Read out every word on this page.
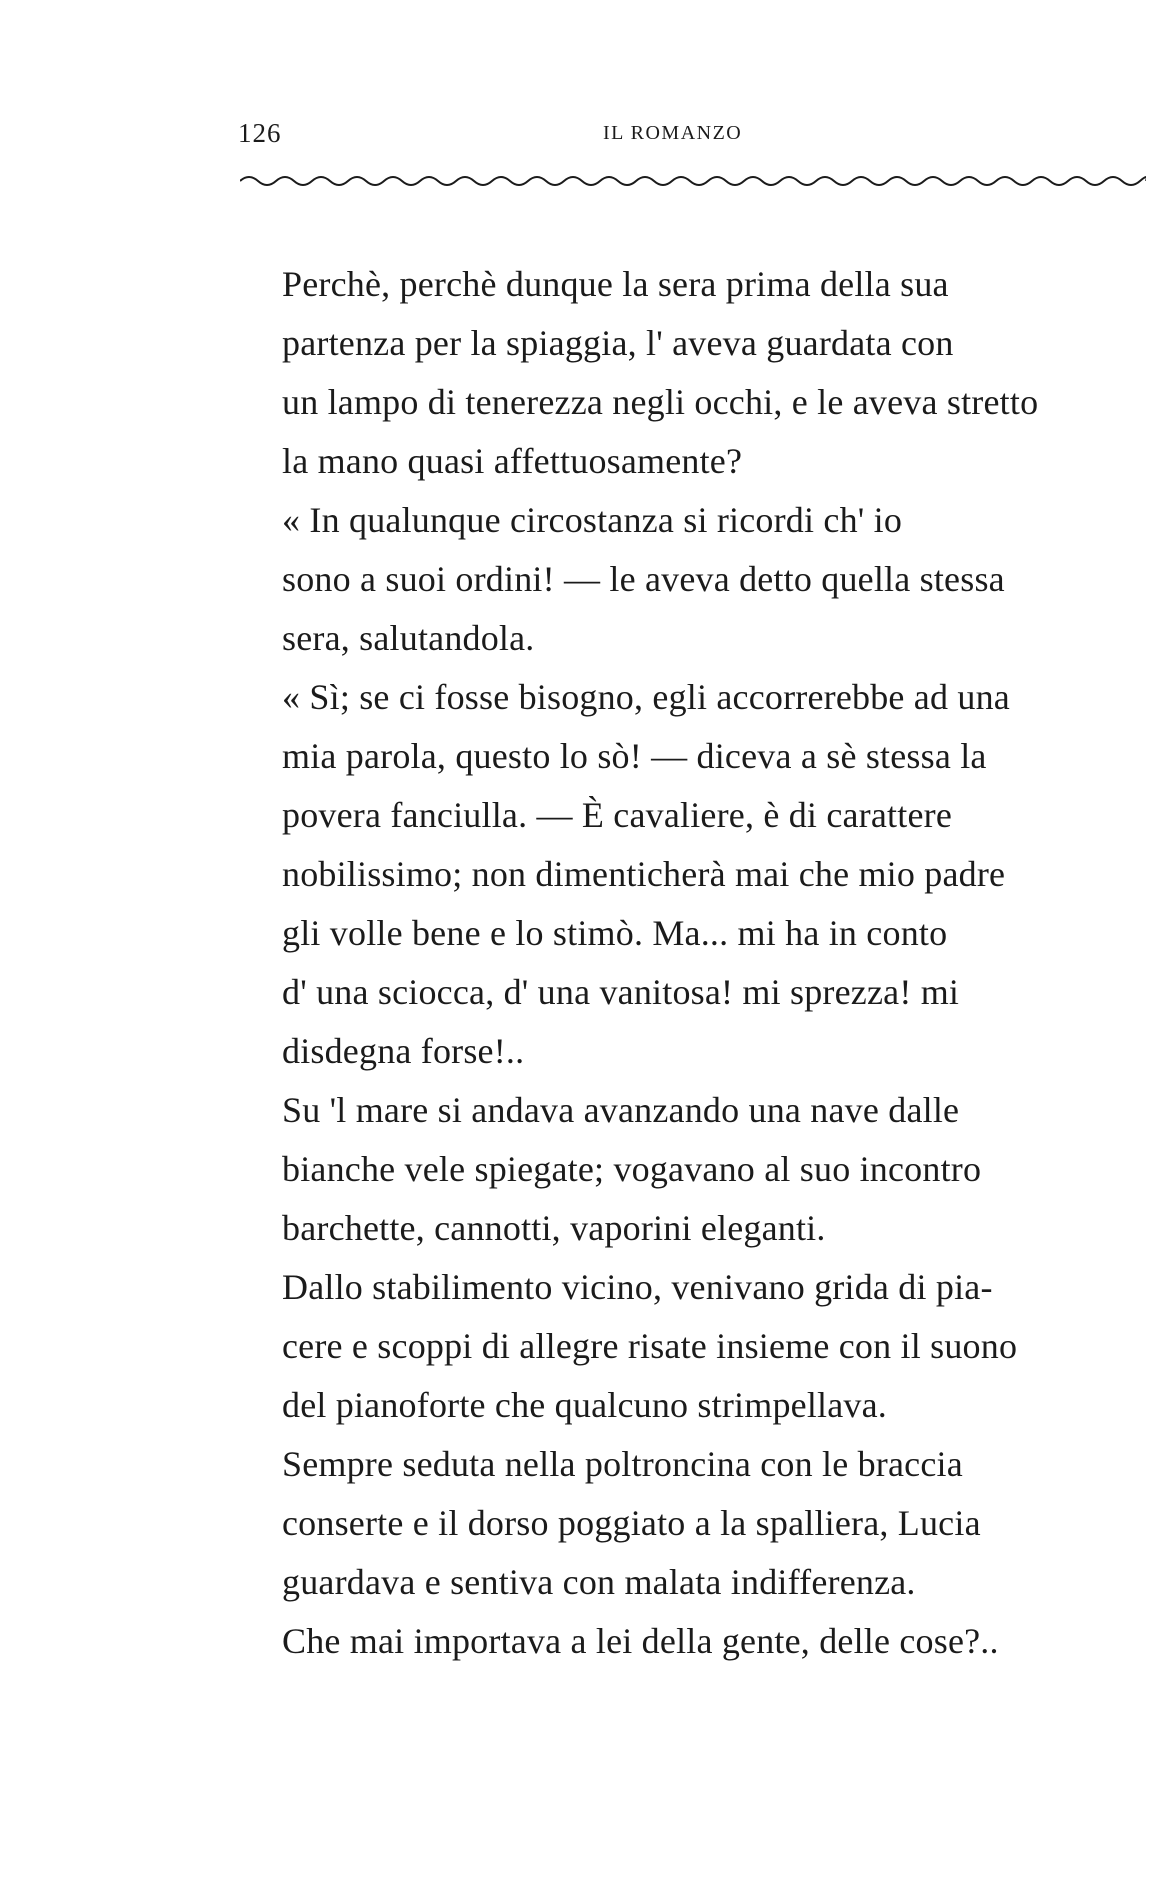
126	IL ROMANZO

Perchè, perchè dunque la sera prima della sua
partenza per la spiaggia, l' aveva guardata con
un lampo di tenerezza negli occhi, e le aveva stretto
la mano quasi affettuosamente?

« In qualunque circostanza si ricordi ch' io
sono a suoi ordini! — le aveva detto quella stessa
sera, salutandola.

« Sì; se ci fosse bisogno, egli accorrerebbe ad una
mia parola, questo lo sò! — diceva a sè stessa la
povera fanciulla. — È cavaliere, è di carattere
nobilissimo; non dimenticherà mai che mio padre
gli volle bene e lo stimò. Ma... mi ha in conto
d' una sciocca, d' una vanitosa! mi sprezza! mi
disdegna forse!..

Su 'l mare si andava avanzando una nave dalle
bianche vele spiegate; vogavano al suo incontro
barchette, cannotti, vaporini eleganti.

Dallo stabilimento vicino, venivano grida di pia-
cere e scoppi di allegre risate insieme con il suono
del pianoforte che qualcuno strimpellava.

Sempre seduta nella poltroncina con le braccia
conserte e il dorso poggiato a la spalliera, Lucia
guardava e sentiva con malata indifferenza.

Che mai importava a lei della gente, delle cose?..
